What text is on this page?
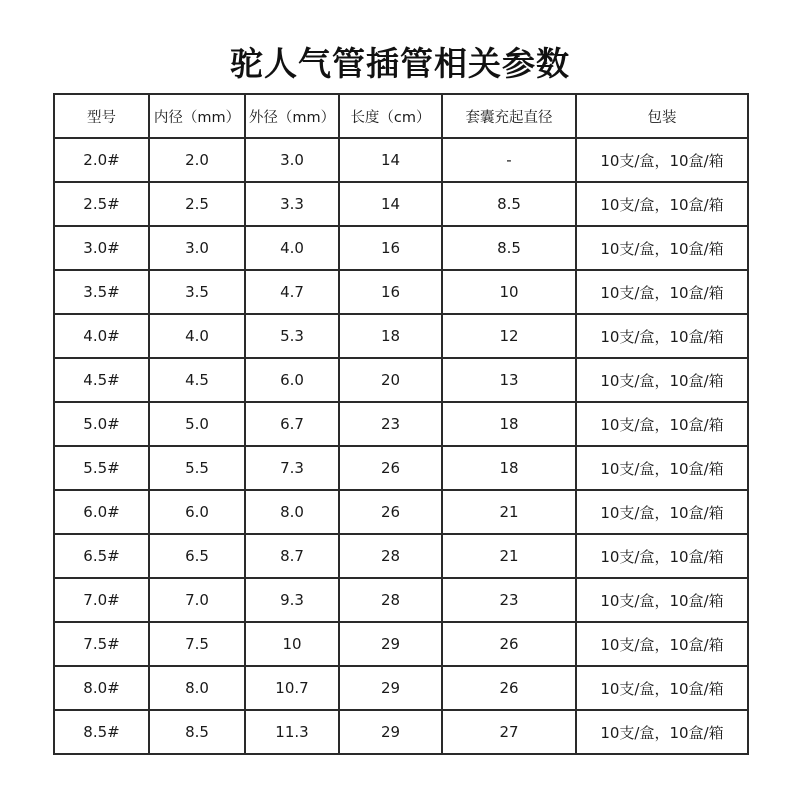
驼人气管插管相关参数
型号	内径（mm）	外径（mm）	长度（cm）	套囊充起直径	包装
2.0#	2.0	3.0	14	-	10支/盒，10盒/箱
2.5#	2.5	3.3	14	8.5	10支/盒，10盒/箱
3.0#	3.0	4.0	16	8.5	10支/盒，10盒/箱
3.5#	3.5	4.7	16	10	10支/盒，10盒/箱
4.0#	4.0	5.3	18	12	10支/盒，10盒/箱
4.5#	4.5	6.0	20	13	10支/盒，10盒/箱
5.0#	5.0	6.7	23	18	10支/盒，10盒/箱
5.5#	5.5	7.3	26	18	10支/盒，10盒/箱
6.0#	6.0	8.0	26	21	10支/盒，10盒/箱
6.5#	6.5	8.7	28	21	10支/盒，10盒/箱
7.0#	7.0	9.3	28	23	10支/盒，10盒/箱
7.5#	7.5	10	29	26	10支/盒，10盒/箱
8.0#	8.0	10.7	29	26	10支/盒，10盒/箱
8.5#	8.5	11.3	29	27	10支/盒，10盒/箱
